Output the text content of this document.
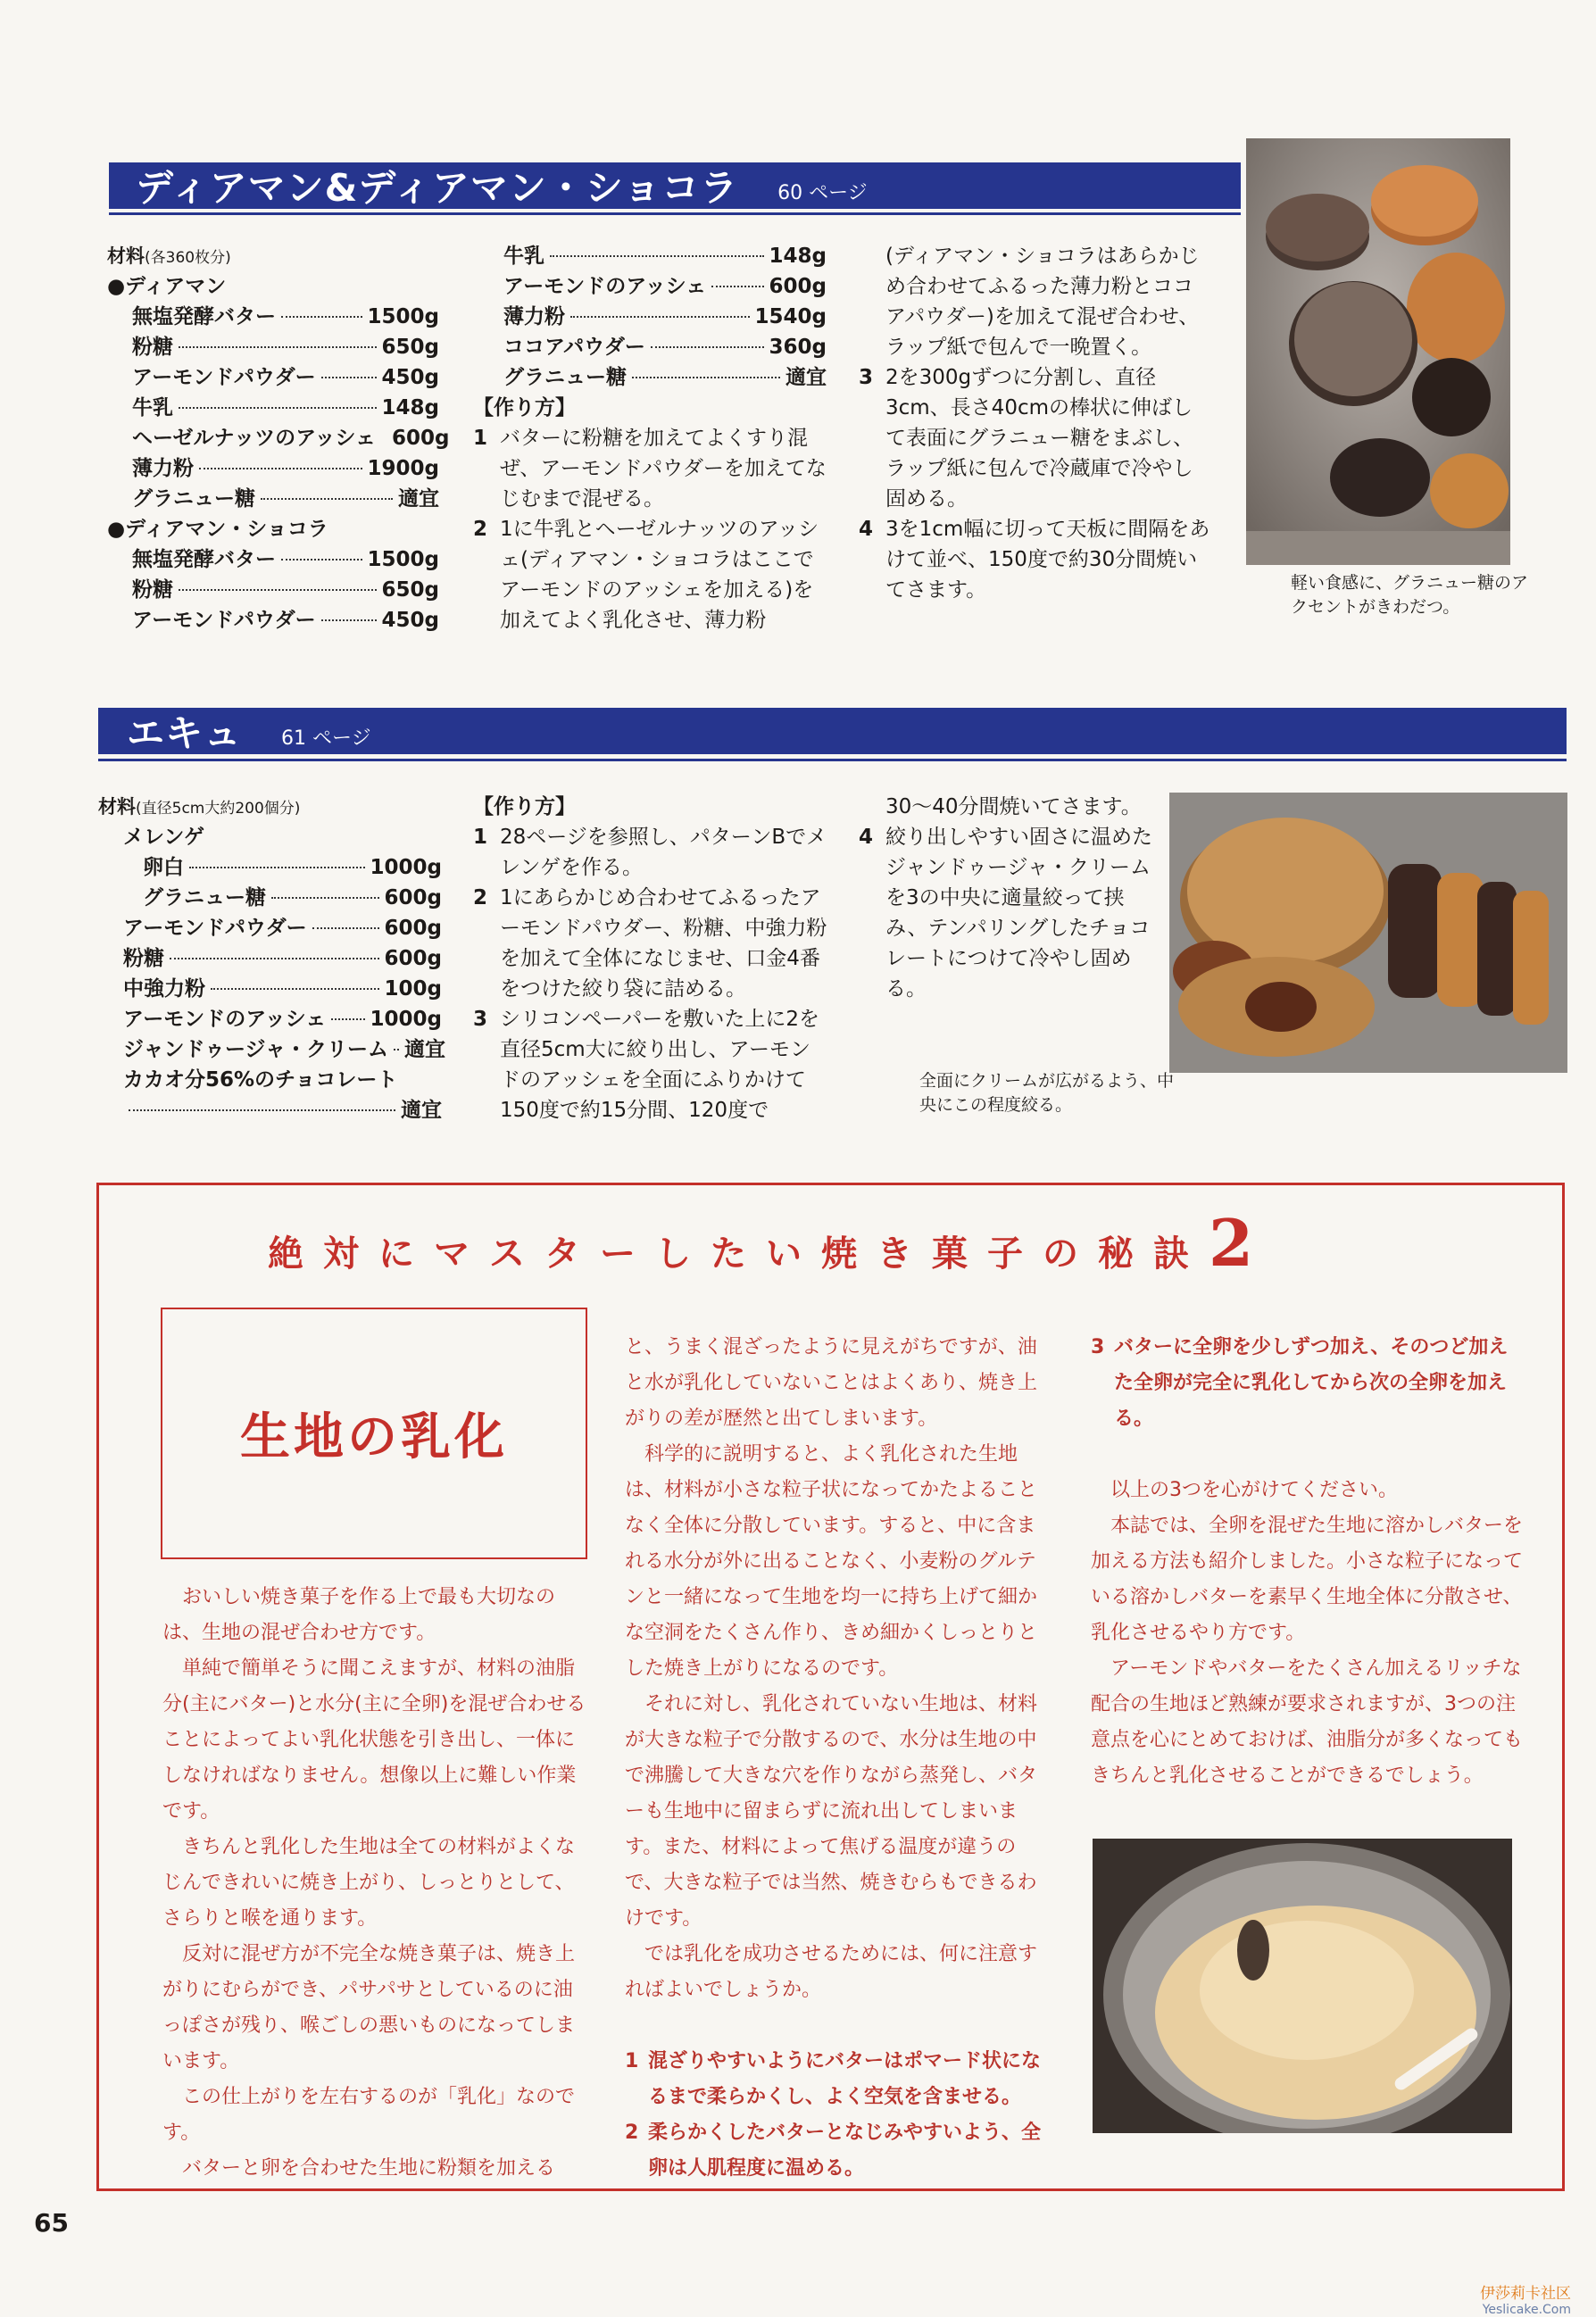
ディアマン&ディアマン・ショコラ 60 ページ
材料(各360枚分)
●ディアマン
無塩発酵バター	1500g
粉糖	650g
アーモンドパウダー	450g
牛乳	148g
ヘーゼルナッツのアッシェ 600g
薄力粉	1900g
グラニュー糖	適宜
●ディアマン・ショコラ
無塩発酵バター	1500g
粉糖	650g
アーモンドパウダー	450g
牛乳	148g
アーモンドのアッシェ	600g
薄力粉	1540g
ココアパウダー	360g
グラニュー糖	適宜
【作り方】
1 バターに粉糖を加えてよくすり混ぜ、アーモンドパウダーを加えてなじむまで混ぜる。
2 1に牛乳とヘーゼルナッツのアッシェ(ディアマン・ショコラはここでアーモンドのアッシェを加える)を加えてよく乳化させ、薄力粉
(ディアマン・ショコラはあらかじめ合わせてふるった薄力粉とココアパウダー)を加えて混ぜ合わせ、ラップ紙で包んで一晩置く。
3 2を300gずつに分割し、直径3cm、長さ40cmの棒状に伸ばして表面にグラニュー糖をまぶし、ラップ紙に包んで冷蔵庫で冷やし固める。
4 3を1cm幅に切って天板に間隔をあけて並べ、150度で約30分間焼いてさます。	軽い食感に、グラニュー糖のアクセントがきわだつ。
エキュ 61 ページ
材料(直径5cm大約200個分)
メレンゲ
卵白	1000g
グラニュー糖	600g
アーモンドパウダー	600g
粉糖	600g
中強力粉	100g
アーモンドのアッシェ 1000g
ジャンドゥージャ・クリーム 適宜
カカオ分56%のチョコレート
適宜
【作り方】
1 28ページを参照し、パターンBでメレンゲを作る。
2 1にあらかじめ合わせてふるったアーモンドパウダー、粉糖、中強力粉を加えて全体になじませ、口金4番をつけた絞り袋に詰める。
3 シリコンペーパーを敷いた上に2を直径5cm大に絞り出し、アーモンドのアッシェを全面にふりかけて150度で約15分間、120度で
30〜40分間焼いてさます。
4 絞り出しやすい固さに温めたジャンドゥージャ・クリームを3の中央に適量絞って挟み、テンパリングしたチョコレートにつけて冷やし固める。
全面にクリームが広がるよう、中央にこの程度絞る。
絶対にマスターしたい焼き菓子の秘訣2
生地の乳化

おいしい焼き菓子を作る上で最も大切なのは、生地の混ぜ合わせ方です。

単純で簡単そうに聞こえますが、材料の油脂分(主にバター)と水分(主に全卵)を混ぜ合わせることによってよい乳化状態を引き出し、一体にしなければなりません。想像以上に難しい作業です。

きちんと乳化した生地は全ての材料がよくなじんできれいに焼き上がり、しっとりとして、さらりと喉を通ります。

反対に混ぜ方が不完全な焼き菓子は、焼き上がりにむらができ、パサパサとしているのに油っぽさが残り、喉ごしの悪いものになってしまいます。

この仕上がりを左右するのが「乳化」なのです。

バターと卵を合わせた生地に粉類を加える

と、うまく混ざったように見えがちですが、油と水が乳化していないことはよくあり、焼き上がりの差が歴然と出てしまいます。

科学的に説明すると、よく乳化された生地は、材料が小さな粒子状になってかたよることなく全体に分散しています。すると、中に含まれる水分が外に出ることなく、小麦粉のグルテンと一緒になって生地を均一に持ち上げて細かな空洞をたくさん作り、きめ細かくしっとりとした焼き上がりになるのです。

それに対し、乳化されていない生地は、材料が大きな粒子で分散するので、水分は生地の中で沸騰して大きな穴を作りながら蒸発し、バターも生地中に留まらずに流れ出してしまいます。また、材料によって焦げる温度が違うので、大きな粒子では当然、焼きむらもできるわけです。

では乳化を成功させるためには、何に注意すればよいでしょうか。

1 混ざりやすいようにバターはポマード状になるまで柔らかくし、よく空気を含ませる。
2 柔らかくしたバターとなじみやすいよう、全卵は人肌程度に温める。
3 バターに全卵を少しずつ加え、そのつど加えた全卵が完全に乳化してから次の全卵を加える。

以上の3つを心がけてください。

本誌では、全卵を混ぜた生地に溶かしバターを加える方法も紹介しました。小さな粒子になっている溶かしバターを素早く生地全体に分散させ、乳化させるやり方です。

アーモンドやバターをたくさん加えるリッチな配合の生地ほど熟練が要求されますが、3つの注意点を心にとめておけば、油脂分が多くなってもきちんと乳化させることができるでしょう。

65
伊莎莉卡社区
Yeslicake.Com
